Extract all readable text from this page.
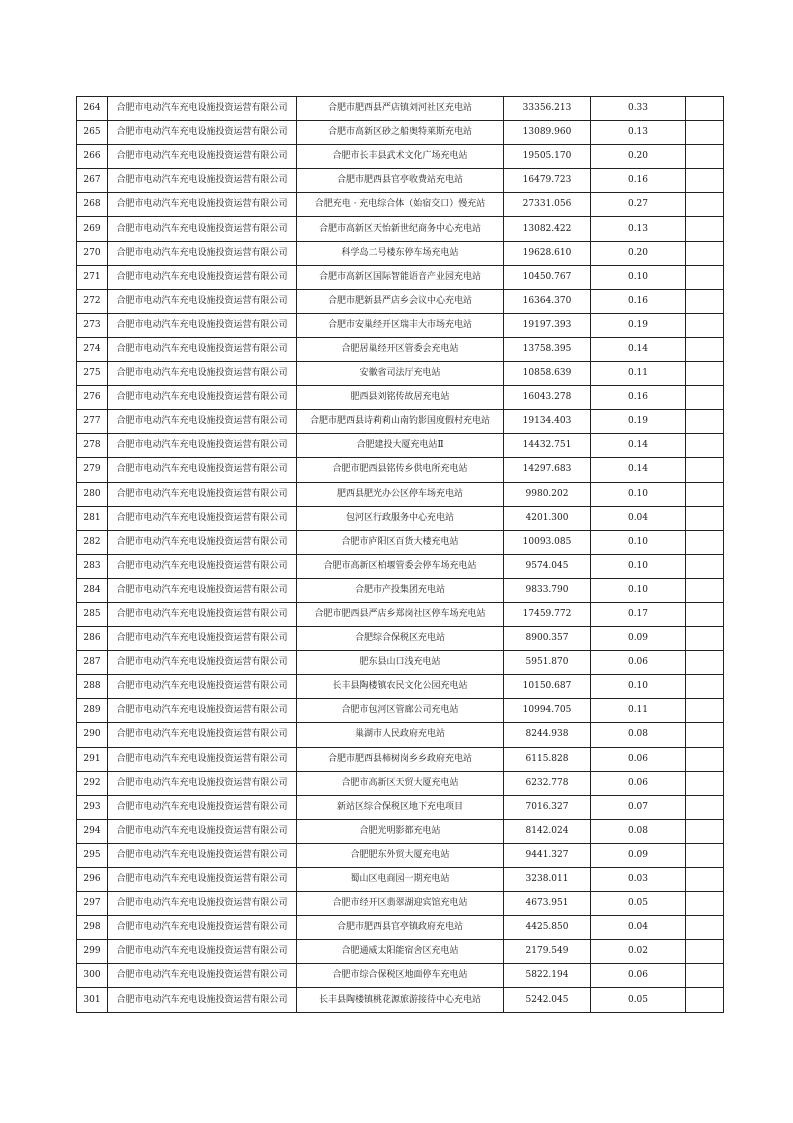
264	合肥市电动汽车充电设施投资运营有限公司	合肥市肥西县严店镇刘河社区充电站	33356.213	0.33	
265	合肥市电动汽车充电设施投资运营有限公司	合肥市高新区砂之船奥特莱斯充电站	13089.960	0.13	
266	合肥市电动汽车充电设施投资运营有限公司	合肥市长丰县武术文化广场充电站	19505.170	0.20	
267	合肥市电动汽车充电设施投资运营有限公司	合肥市肥西县官亭收费站充电站	16479.723	0.16	
268	合肥市电动汽车充电设施投资运营有限公司	合肥充电 · 充电综合体（始宿交口）慢充站	27331.056	0.27	
269	合肥市电动汽车充电设施投资运营有限公司	合肥市高新区天怡新世纪商务中心充电站	13082.422	0.13	
270	合肥市电动汽车充电设施投资运营有限公司	科学岛二号楼东停车场充电站	19628.610	0.20	
271	合肥市电动汽车充电设施投资运营有限公司	合肥市高新区国际智能语音产业园充电站	10450.767	0.10	
272	合肥市电动汽车充电设施投资运营有限公司	合肥市肥新县严店乡会议中心充电站	16364.370	0.16	
273	合肥市电动汽车充电设施投资运营有限公司	合肥市安巢经开区瑞丰大市场充电站	19197.393	0.19	
274	合肥市电动汽车充电设施投资运营有限公司	合肥居巢经开区管委会充电站	13758.395	0.14	
275	合肥市电动汽车充电设施投资运营有限公司	安徽省司法厅充电站	10858.639	0.11	
276	合肥市电动汽车充电设施投资运营有限公司	肥西县刘铭传故居充电站	16043.278	0.16	
277	合肥市电动汽车充电设施投资运营有限公司	合肥市肥西县诗莉莉山南钓影国度假村充电站	19134.403	0.19	
278	合肥市电动汽车充电设施投资运营有限公司	合肥建投大厦充电站Ⅱ	14432.751	0.14	
279	合肥市电动汽车充电设施投资运营有限公司	合肥市肥西县铭传乡供电所充电站	14297.683	0.14	
280	合肥市电动汽车充电设施投资运营有限公司	肥西县肥光办公区停车场充电站	9980.202	0.10	
281	合肥市电动汽车充电设施投资运营有限公司	包河区行政服务中心充电站	4201.300	0.04	
282	合肥市电动汽车充电设施投资运营有限公司	合肥市庐阳区百货大楼充电站	10093.085	0.10	
283	合肥市电动汽车充电设施投资运营有限公司	合肥市高新区柏堰管委会停车场充电站	9574.045	0.10	
284	合肥市电动汽车充电设施投资运营有限公司	合肥市产投集团充电站	9833.790	0.10	
285	合肥市电动汽车充电设施投资运营有限公司	合肥市肥西县严店乡郑岗社区停车场充电站	17459.772	0.17	
286	合肥市电动汽车充电设施投资运营有限公司	合肥综合保税区充电站	8900.357	0.09	
287	合肥市电动汽车充电设施投资运营有限公司	肥东县山口浅充电站	5951.870	0.06	
288	合肥市电动汽车充电设施投资运营有限公司	长丰县陶楼镇农民文化公园充电站	10150.687	0.10	
289	合肥市电动汽车充电设施投资运营有限公司	合肥市包河区管廊公司充电站	10994.705	0.11	
290	合肥市电动汽车充电设施投资运营有限公司	巢湖市人民政府充电站	8244.938	0.08	
291	合肥市电动汽车充电设施投资运营有限公司	合肥市肥西县柿树岗乡乡政府充电站	6115.828	0.06	
292	合肥市电动汽车充电设施投资运营有限公司	合肥市高新区天贸大厦充电站	6232.778	0.06	
293	合肥市电动汽车充电设施投资运营有限公司	新站区综合保税区地下充电项目	7016.327	0.07	
294	合肥市电动汽车充电设施投资运营有限公司	合肥光明影都充电站	8142.024	0.08	
295	合肥市电动汽车充电设施投资运营有限公司	合肥肥东外贸大厦充电站	9441.327	0.09	
296	合肥市电动汽车充电设施投资运营有限公司	蜀山区电商园一期充电站	3238.011	0.03	
297	合肥市电动汽车充电设施投资运营有限公司	合肥市经开区翡翠湖迎宾馆充电站	4673.951	0.05	
298	合肥市电动汽车充电设施投资运营有限公司	合肥市肥西县官亭镇政府充电站	4425.850	0.04	
299	合肥市电动汽车充电设施投资运营有限公司	合肥通威太阳能宿舍区充电站	2179.549	0.02	
300	合肥市电动汽车充电设施投资运营有限公司	合肥市综合保税区地面停车充电站	5822.194	0.06	
301	合肥市电动汽车充电设施投资运营有限公司	长丰县陶楼镇桃花源旅游接待中心充电站	5242.045	0.05	
